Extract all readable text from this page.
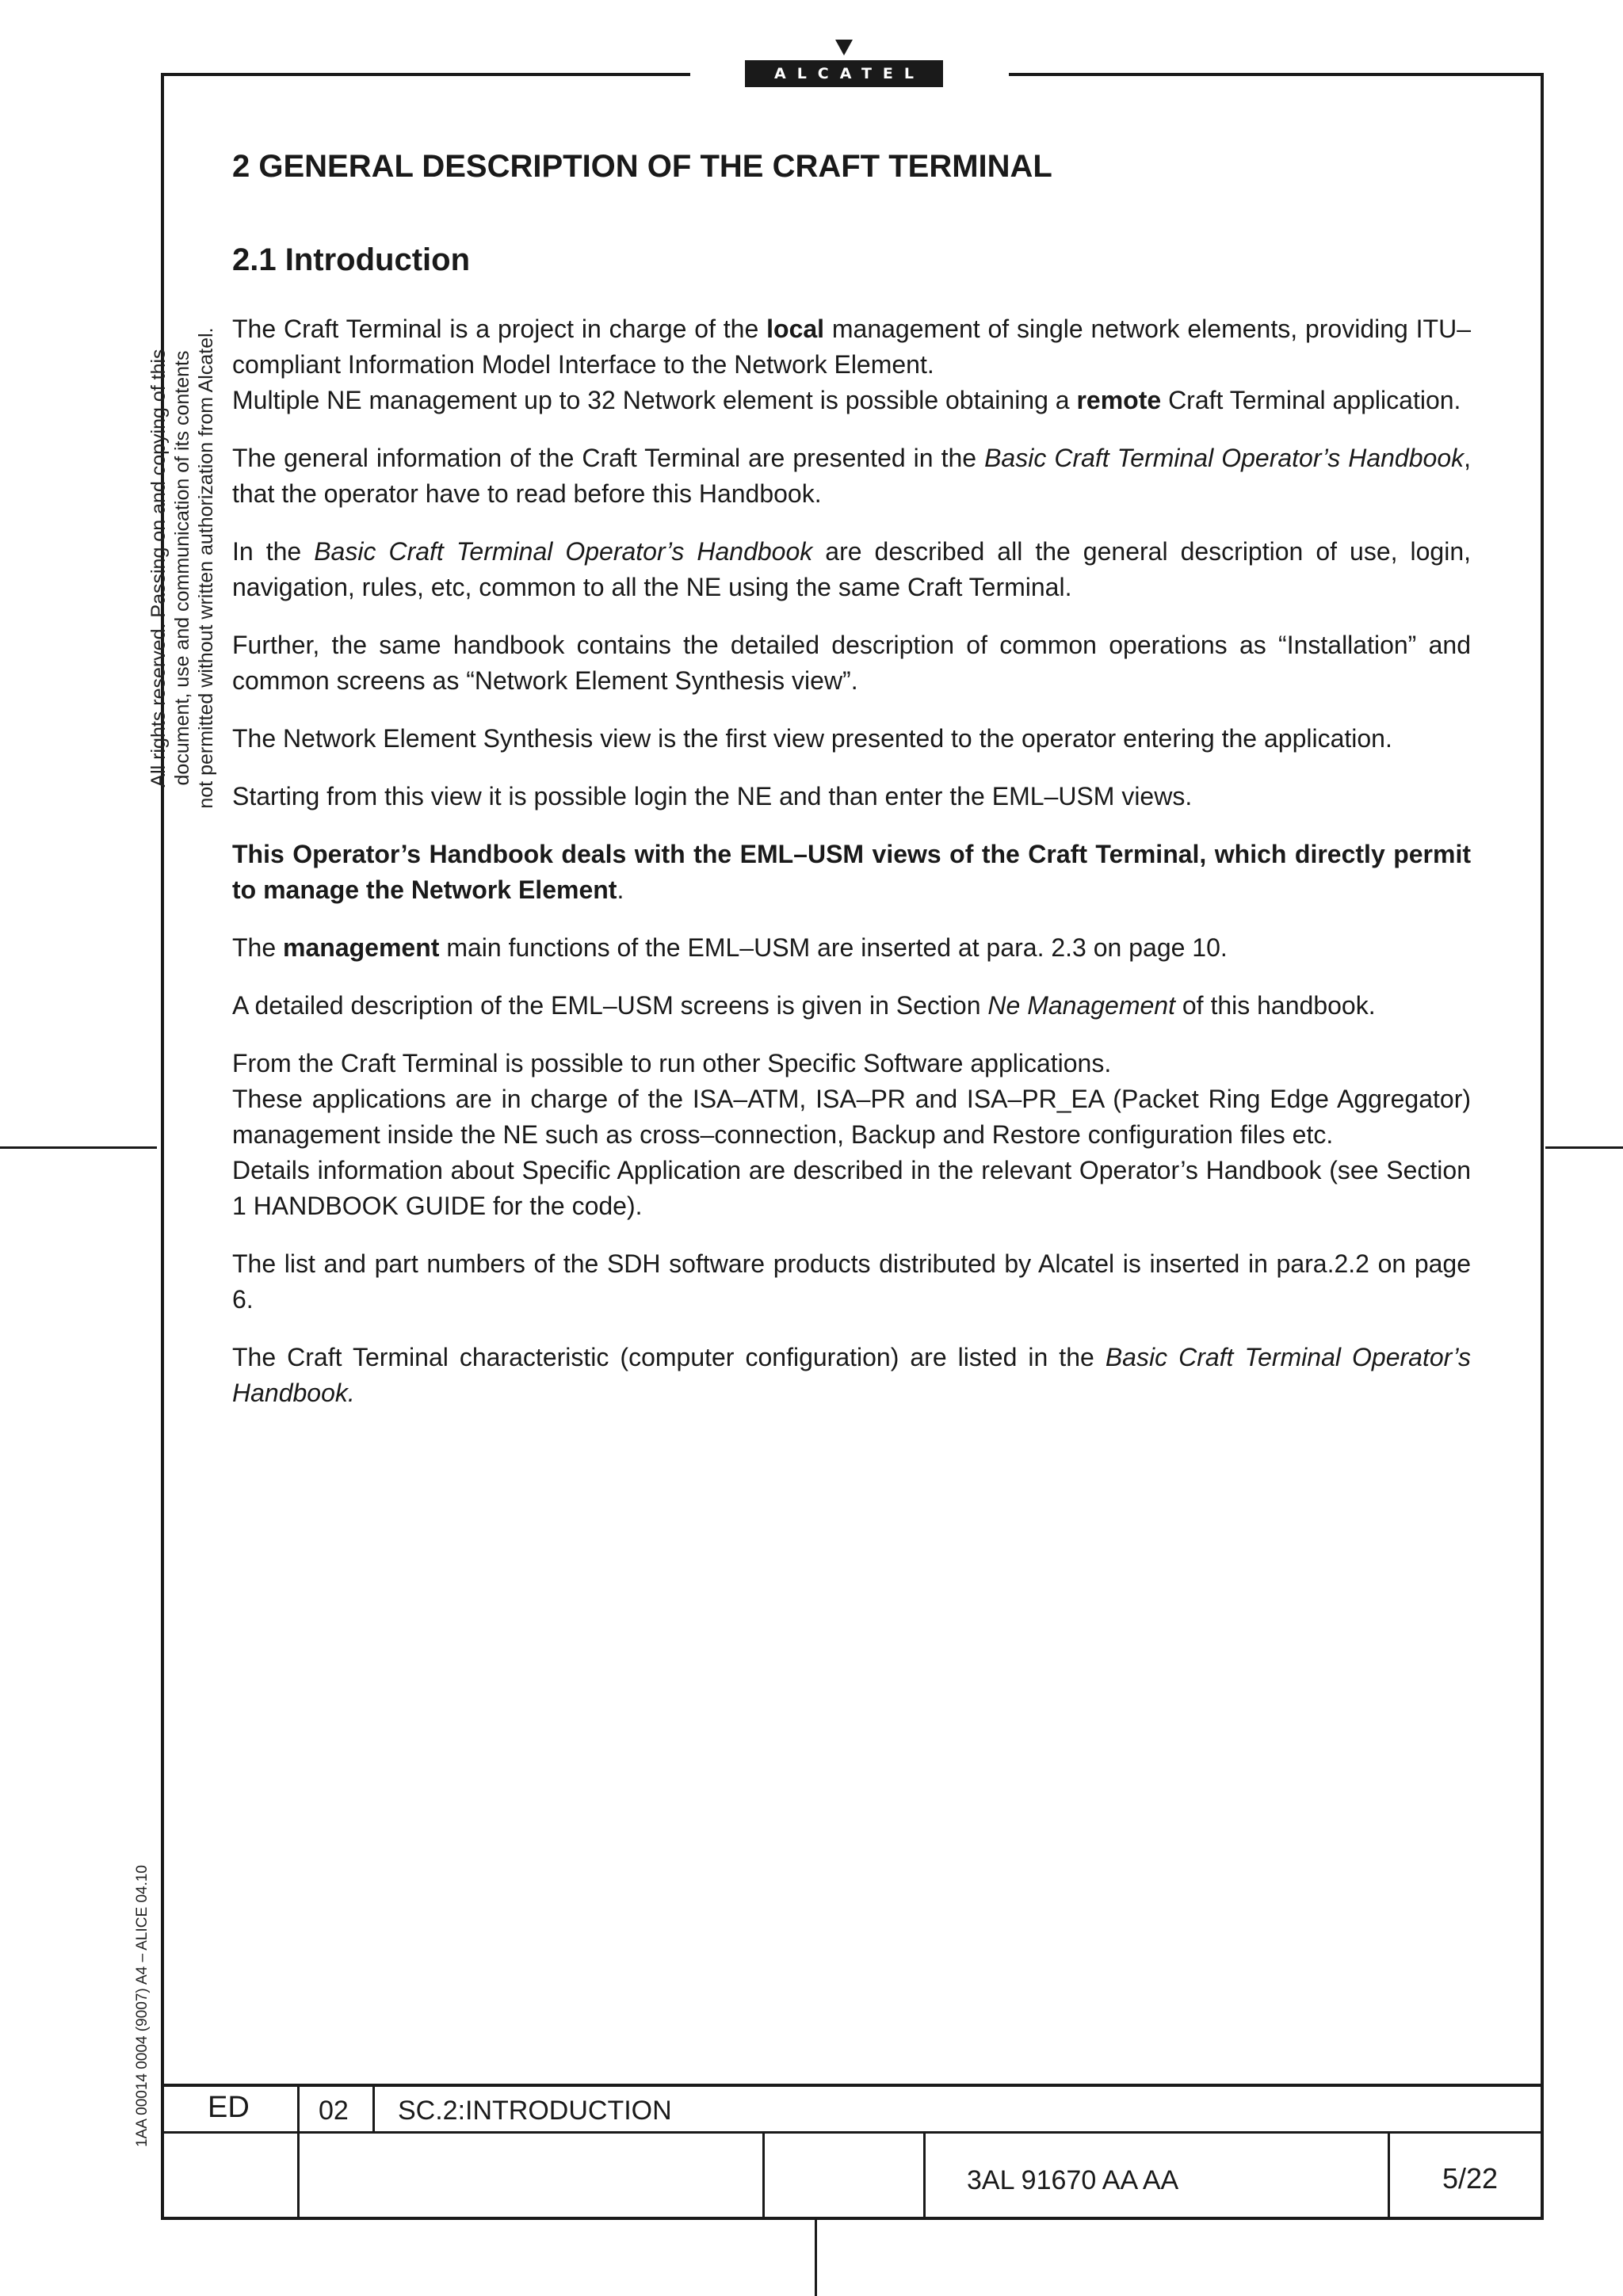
ALCATEL
All rights reserved. Passing on and copying of this document, use and communication of its contents not permitted without written authorization from Alcatel.
1AA 00014 0004 (9007) A4 – ALICE 04.10
2 GENERAL DESCRIPTION OF THE CRAFT TERMINAL
2.1 Introduction
The Craft Terminal is a project in charge of the local management of single network elements, providing ITU– compliant Information Model Interface to the Network Element.
Multiple NE management up to 32 Network element is possible obtaining a remote Craft Terminal application.
The general information of the Craft Terminal are presented in the Basic Craft Terminal Operator’s Handbook, that the operator have to read before this Handbook.
In the Basic Craft Terminal Operator’s Handbook are described all the general description of use, login, navigation, rules, etc, common to all the NE using the same Craft Terminal.
Further, the same handbook contains the detailed description of common operations as “Installation” and common screens as “Network Element Synthesis view”.
The Network Element Synthesis view is the first view presented to the operator entering the application.
Starting from this view it is possible login the NE and than enter the EML–USM views.
This Operator’s Handbook deals with the EML–USM views of the Craft Terminal, which directly permit to manage the Network Element.
The management main functions of the EML–USM are inserted at para. 2.3 on page 10.
A detailed description of the EML–USM screens is given in Section Ne Management of this handbook.
From the Craft Terminal is possible to run other Specific Software applications.
These applications are in charge of the ISA–ATM, ISA–PR and ISA–PR_EA (Packet Ring Edge Aggregator) management inside the NE such as cross–connection, Backup and Restore configuration files etc.
Details information about Specific Application are described in the relevant Operator’s Handbook (see Section 1 HANDBOOK GUIDE for the code).
The list and part numbers of the SDH software products distributed by Alcatel is inserted in para.2.2 on page 6.
The Craft Terminal characteristic (computer configuration) are listed in the Basic Craft Terminal Operator’s Handbook.
ED	02 SC.2:INTRODUCTION
3AL 91670 AA AA	5/22
